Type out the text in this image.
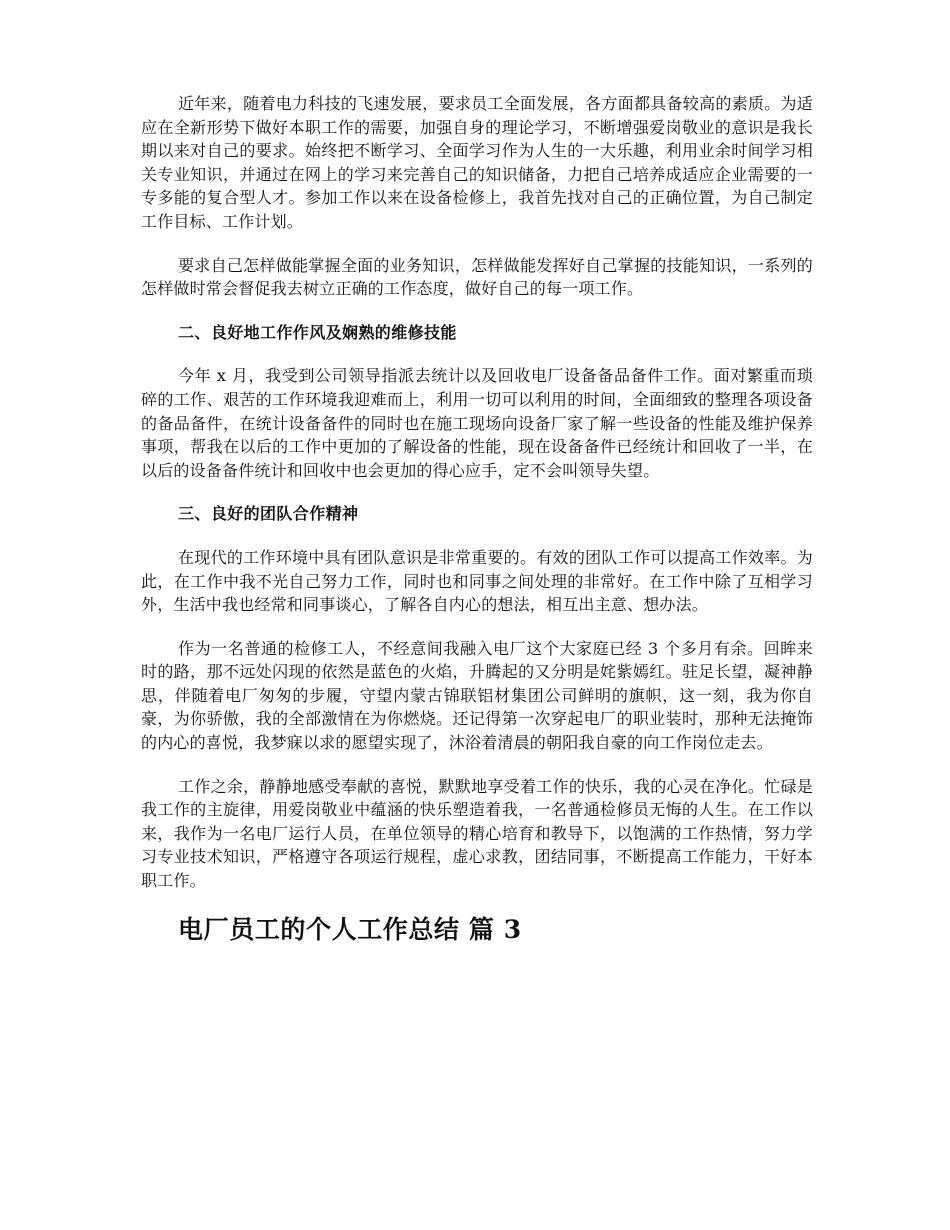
近年来，随着电力科技的飞速发展，要求员工全面发展，各方面都具备较高的素质。为适应在全新形势下做好本职工作的需要，加强自身的理论学习，不断增强爱岗敬业的意识是我长期以来对自己的要求。始终把不断学习、全面学习作为人生的一大乐趣，利用业余时间学习相关专业知识，并通过在网上的学习来完善自己的知识储备，力把自己培养成适应企业需要的一专多能的复合型人才。参加工作以来在设备检修上，我首先找对自己的正确位置，为自己制定工作目标、工作计划。

要求自己怎样做能掌握全面的业务知识，怎样做能发挥好自己掌握的技能知识，一系列的怎样做时常会督促我去树立正确的工作态度，做好自己的每一项工作。

二、良好地工作作风及娴熟的维修技能

今年 x 月，我受到公司领导指派去统计以及回收电厂设备备品备件工作。面对繁重而琐碎的工作、艰苦的工作环境我迎难而上，利用一切可以利用的时间，全面细致的整理各项设备的备品备件，在统计设备备件的同时也在施工现场向设备厂家了解一些设备的性能及维护保养事项，帮我在以后的工作中更加的了解设备的性能，现在设备备件已经统计和回收了一半，在以后的设备备件统计和回收中也会更加的得心应手，定不会叫领导失望。

三、良好的团队合作精神

在现代的工作环境中具有团队意识是非常重要的。有效的团队工作可以提高工作效率。为此，在工作中我不光自己努力工作，同时也和同事之间处理的非常好。在工作中除了互相学习外，生活中我也经常和同事谈心，了解各自内心的想法，相互出主意、想办法。

作为一名普通的检修工人，不经意间我融入电厂这个大家庭已经 3 个多月有余。回眸来时的路，那不远处闪现的依然是蓝色的火焰，升腾起的又分明是姹紫嫣红。驻足长望，凝神静思，伴随着电厂匆匆的步履，守望内蒙古锦联铝材集团公司鲜明的旗帜，这一刻，我为你自豪，为你骄傲，我的全部激情在为你燃烧。还记得第一次穿起电厂的职业装时，那种无法掩饰的内心的喜悦，我梦寐以求的愿望实现了，沐浴着清晨的朝阳我自豪的向工作岗位走去。

工作之余，静静地感受奉献的喜悦，默默地享受着工作的快乐，我的心灵在净化。忙碌是我工作的主旋律，用爱岗敬业中蕴涵的快乐塑造着我，一名普通检修员无悔的人生。在工作以来，我作为一名电厂运行人员，在单位领导的精心培育和教导下，以饱满的工作热情，努力学习专业技术知识，严格遵守各项运行规程，虚心求教，团结同事，不断提高工作能力，干好本职工作。

电厂员工的个人工作总结 篇 3
